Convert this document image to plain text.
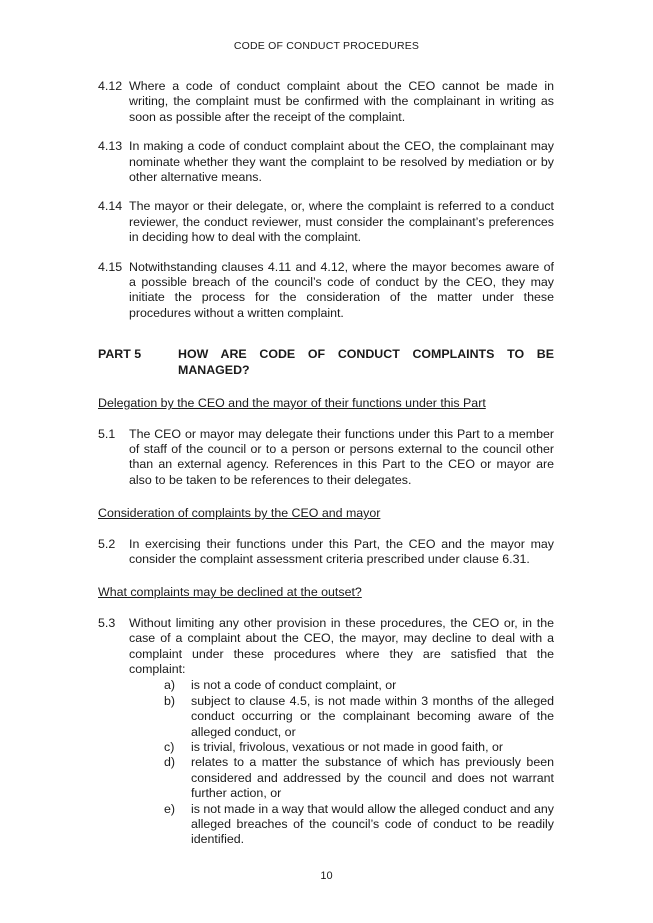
CODE OF CONDUCT PROCEDURES
4.12 Where a code of conduct complaint about the CEO cannot be made in writing, the complaint must be confirmed with the complainant in writing as soon as possible after the receipt of the complaint.
4.13 In making a code of conduct complaint about the CEO, the complainant may nominate whether they want the complaint to be resolved by mediation or by other alternative means.
4.14 The mayor or their delegate, or, where the complaint is referred to a conduct reviewer, the conduct reviewer, must consider the complainant’s preferences in deciding how to deal with the complaint.
4.15 Notwithstanding clauses 4.11 and 4.12, where the mayor becomes aware of a possible breach of the council’s code of conduct by the CEO, they may initiate the process for the consideration of the matter under these procedures without a written complaint.
PART 5	HOW ARE CODE OF CONDUCT COMPLAINTS TO BE MANAGED?
Delegation by the CEO and the mayor of their functions under this Part
5.1	The CEO or mayor may delegate their functions under this Part to a member of staff of the council or to a person or persons external to the council other than an external agency. References in this Part to the CEO or mayor are also to be taken to be references to their delegates.
Consideration of complaints by the CEO and mayor
5.2	In exercising their functions under this Part, the CEO and the mayor may consider the complaint assessment criteria prescribed under clause 6.31.
What complaints may be declined at the outset?
5.3	Without limiting any other provision in these procedures, the CEO or, in the case of a complaint about the CEO, the mayor, may decline to deal with a complaint under these procedures where they are satisfied that the complaint:
a)	is not a code of conduct complaint, or
b)	subject to clause 4.5, is not made within 3 months of the alleged conduct occurring or the complainant becoming aware of the alleged conduct, or
c)	is trivial, frivolous, vexatious or not made in good faith, or
d)	relates to a matter the substance of which has previously been considered and addressed by the council and does not warrant further action, or
e)	is not made in a way that would allow the alleged conduct and any alleged breaches of the council’s code of conduct to be readily identified.
10
